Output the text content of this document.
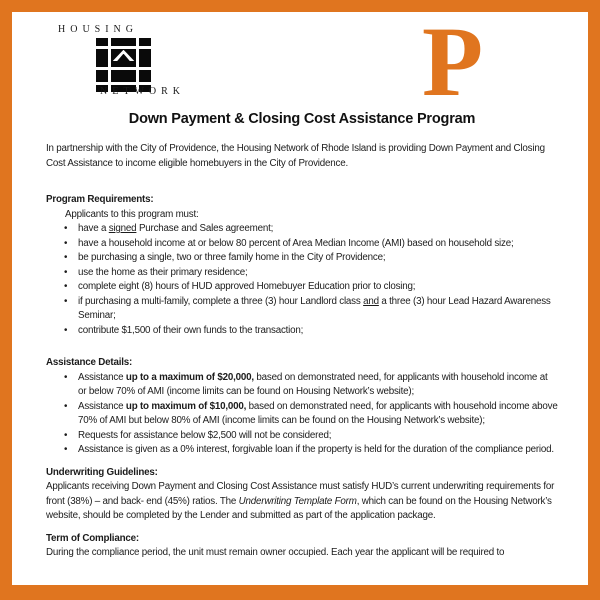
HOUSING
NETWORK P
Down Payment & Closing Cost Assistance Program

In partnership with the City of Providence, the Housing Network of Rhode Island is providing Down Payment and Closing Cost Assistance to income eligible homebuyers in the City of Providence.

Program Requirements:
Applicants to this program must:
• have a signed Purchase and Sales agreement;
• have a household income at or below 80 percent of Area Median Income (AMI) based on household size;
• be purchasing a single, two or three family home in the City of Providence;
• use the home as their primary residence;
• complete eight (8) hours of HUD approved Homebuyer Education prior to closing;
• if purchasing a multi-family, complete a three (3) hour Landlord class and a three (3) hour Lead Hazard Awareness Seminar;
• contribute $1,500 of their own funds to the transaction;
Assistance Details:
• Assistance up to a maximum of $20,000, based on demonstrated need, for applicants with household income at or below 70% of AMI (income limits can be found on Housing Network’s website);
• Assistance up to maximum of $10,000, based on demonstrated need, for applicants with household income above 70% of AMI but below 80% of AMI (income limits can be found on the Housing Network’s website);
• Requests for assistance below $2,500 will not be considered;
• Assistance is given as a 0% interest, forgivable loan if the property is held for the duration of the compliance period.
Underwriting Guidelines:
Applicants receiving Down Payment and Closing Cost Assistance must satisfy HUD’s current underwriting requirements for front (38%) – and back- end (45%) ratios. The Underwriting Template Form, which can be found on the Housing Network’s website, should be completed by the Lender and submitted as part of the application package.
Term of Compliance:
During the compliance period, the unit must remain owner occupied. Each year the applicant will be required to
